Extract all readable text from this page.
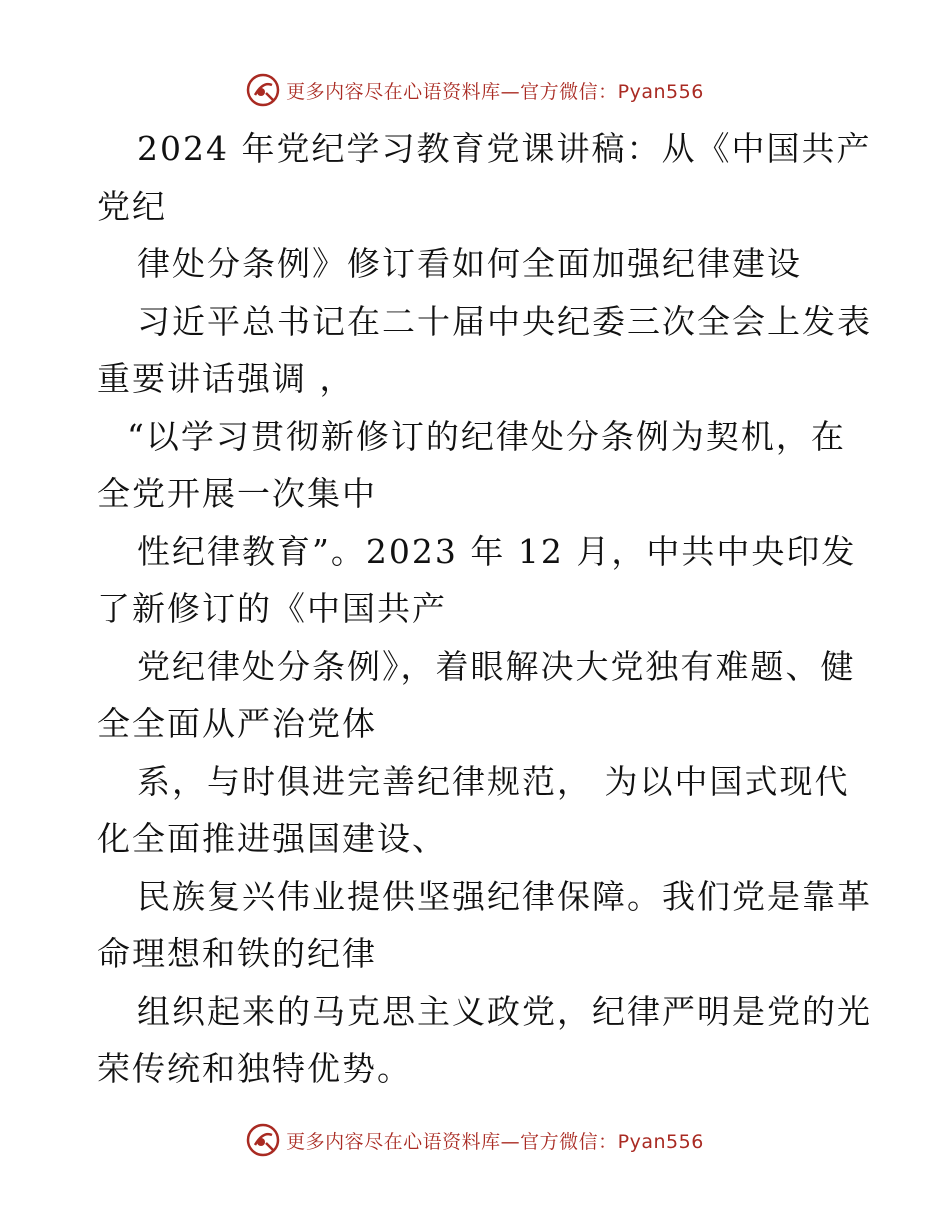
更多内容尽在心语资料库—官方微信：Pyan556
2024 年党纪学习教育党课讲稿：从《中国共产
党纪
律处分条例》修订看如何全面加强纪律建设
习近平总书记在二十届中央纪委三次全会上发表
重要讲话强调 ，
“以学习贯彻新修订的纪律处分条例为契机，在
全党开展一次集中
性纪律教育”。2023 年 12 月，中共中央印发
了新修订的《中国共产
党纪律处分条例》，着眼解决大党独有难题、健
全全面从严治党体
系，与时俱进完善纪律规范， 为以中国式现代
化全面推进强国建设、
民族复兴伟业提供坚强纪律保障。我们党是靠革
命理想和铁的纪律
组织起来的马克思主义政党，纪律严明是党的光
荣传统和独特优势。
更多内容尽在心语资料库—官方微信：Pyan556
